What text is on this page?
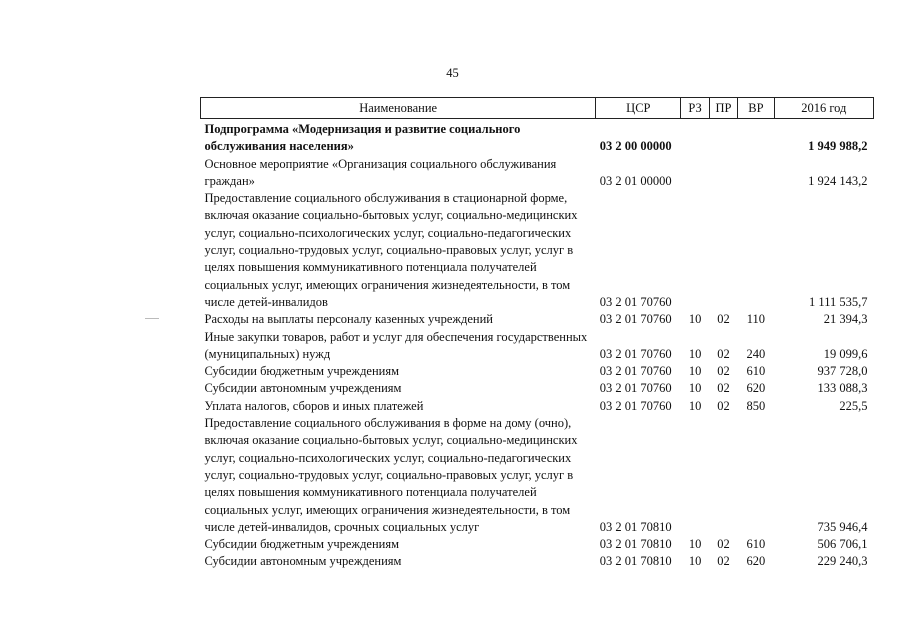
45
Наименование	ЦСР	РЗ	ПР	ВР	2016 год

Подпрограмма «Модернизация и развитие социального обслуживания населения»	03 2 00 00000				1 949 988,2
Основное мероприятие «Организация социального обслуживания граждан»	03 2 01 00000				1 924 143,2
Предоставление социального обслуживания в стационарной форме, включая оказание социально-бытовых услуг, социально-медицинских услуг, социально-психологических услуг, социально-педагогических услуг, социально-трудовых услуг, социально-правовых услуг, услуг в целях повышения коммуникативного потенциала получателей социальных услуг, имеющих ограничения жизнедеятельности, в том числе детей-инвалидов	03 2 01 70760				1 111 535,7
Расходы на выплаты персоналу казенных учреждений	03 2 01 70760	10	02	110	21 394,3
Иные закупки товаров, работ и услуг для обеспечения государственных (муниципальных) нужд	03 2 01 70760	10	02	240	19 099,6
Субсидии бюджетным учреждениям	03 2 01 70760	10	02	610	937 728,0
Субсидии автономным учреждениям	03 2 01 70760	10	02	620	133 088,3
Уплата налогов, сборов и иных платежей	03 2 01 70760	10	02	850	225,5
Предоставление социального обслуживания в форме на дому (очно), включая оказание социально-бытовых услуг, социально-медицинских услуг, социально-психологических услуг, социально-педагогических услуг, социально-трудовых услуг, социально-правовых услуг, услуг в целях повышения коммуникативного потенциала получателей социальных услуг, имеющих ограничения жизнедеятельности, в том числе детей-инвалидов, срочных социальных услуг	03 2 01 70810				735 946,4
Субсидии бюджетным учреждениям	03 2 01 70810	10	02	610	506 706,1
Субсидии автономным учреждениям	03 2 01 70810	10	02	620	229 240,3
